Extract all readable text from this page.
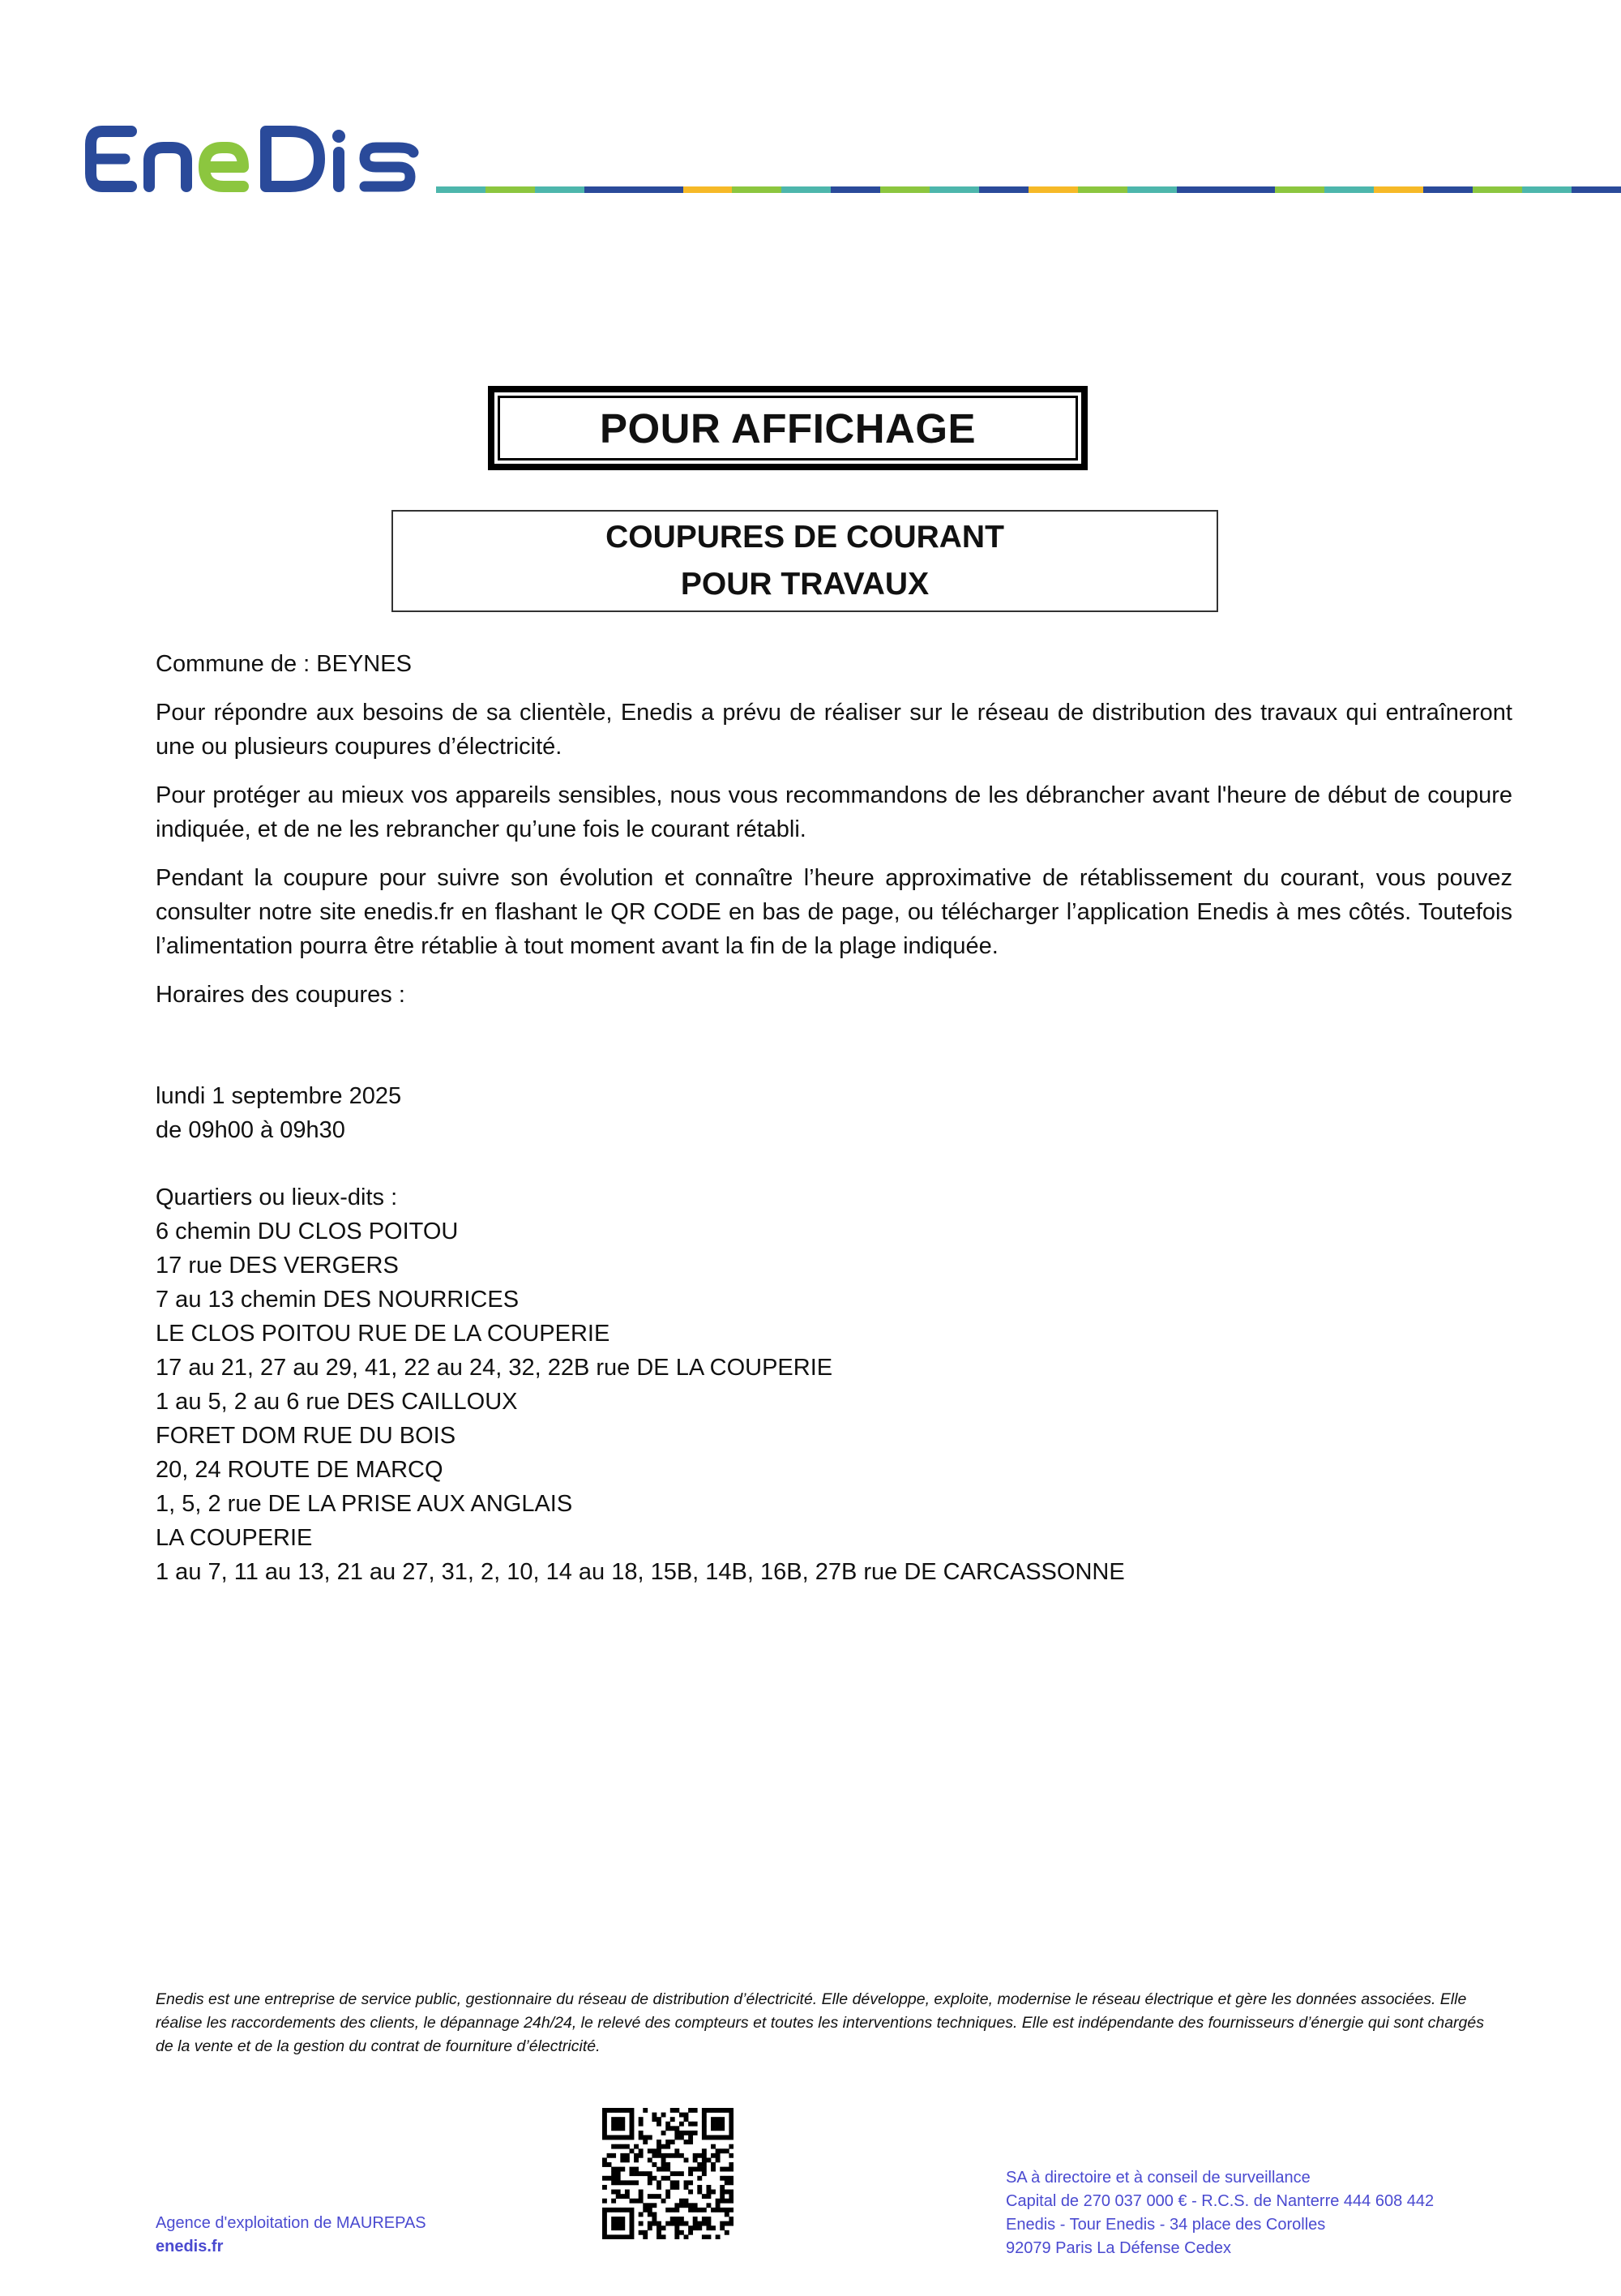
POUR AFFICHAGE
COUPURES DE COURANT
POUR TRAVAUX

Commune de : BEYNES

Pour répondre aux besoins de sa clientèle, Enedis a prévu de réaliser sur le réseau de distribution des travaux qui entraîneront une ou plusieurs coupures d’électricité.

Pour protéger au mieux vos appareils sensibles, nous vous recommandons de les débrancher avant l'heure de début de coupure indiquée, et de ne les rebrancher qu’une fois le courant rétabli.

Pendant la coupure pour suivre son évolution et connaître l’heure approximative de rétablissement du courant, vous pouvez consulter notre site enedis.fr en flashant le QR CODE en bas de page, ou télécharger l’application Enedis à mes côtés. Toutefois l’alimentation pourra être rétablie à tout moment avant la fin de la plage indiquée.

Horaires des coupures :

lundi 1 septembre 2025
de 09h00 à 09h30
Quartiers ou lieux-dits :
6 chemin DU CLOS POITOU
17 rue DES VERGERS
7 au 13 chemin DES NOURRICES
LE CLOS POITOU RUE DE LA COUPERIE
17 au 21, 27 au 29, 41, 22 au 24, 32, 22B rue DE LA COUPERIE
1 au 5, 2 au 6 rue DES CAILLOUX
FORET DOM RUE DU BOIS
20, 24 ROUTE DE MARCQ
1, 5, 2 rue DE LA PRISE AUX ANGLAIS
LA COUPERIE
1 au 7, 11 au 13, 21 au 27, 31, 2, 10, 14 au 18, 15B, 14B, 16B, 27B rue DE CARCASSONNE
Enedis est une entreprise de service public, gestionnaire du réseau de distribution d’électricité. Elle développe, exploite, modernise le réseau électrique et gère les données associées. Elle réalise les raccordements des clients, le dépannage 24h/24, le relevé des compteurs et toutes les interventions techniques. Elle est indépendante des fournisseurs d’énergie qui sont chargés de la vente et de la gestion du contrat de fourniture d’électricité.
Agence d'exploitation de MAUREPAS
enedis.fr
SA à directoire et à conseil de surveillance
Capital de 270 037 000 € - R.C.S. de Nanterre 444 608 442
Enedis - Tour Enedis - 34 place des Corolles
92079 Paris La Défense Cedex
